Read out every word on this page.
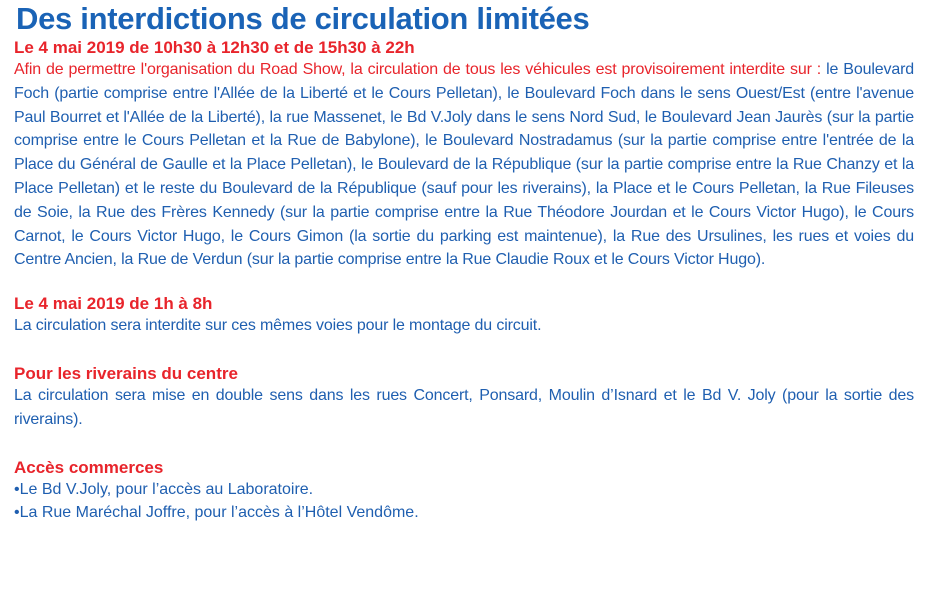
Des interdictions de circulation limitées

Le 4 mai 2019 de 10h30 à 12h30 et de 15h30 à 22h

Afin de permettre l'organisation du Road Show, la circulation de tous les véhicules est provisoirement interdite sur : le Boulevard Foch (partie comprise entre l'Allée de la Liberté et le Cours Pelletan), le Boulevard Foch dans le sens Ouest/Est (entre l'avenue Paul Bourret et l'Allée de la Liberté), la rue Massenet, le Bd V.Joly dans le sens Nord Sud, le Boulevard Jean Jaurès (sur la partie comprise entre le Cours Pelletan et la Rue de Babylone), le Boulevard Nostradamus (sur la partie comprise entre l'entrée de la Place du Général de Gaulle et la Place Pelletan), le Boulevard de la République (sur la partie comprise entre la Rue Chanzy et la Place Pelletan) et le reste du Boulevard de la République (sauf pour les riverains), la Place et le Cours Pelletan, la Rue Fileuses de Soie, la Rue des Frères Kennedy (sur la partie comprise entre la Rue Théodore Jourdan et le Cours Victor Hugo), le Cours Carnot, le Cours Victor Hugo, le Cours Gimon (la sortie du parking est maintenue), la Rue des Ursulines, les rues et voies du Centre Ancien, la Rue de Verdun (sur la partie comprise entre la Rue Claudie Roux et le Cours Victor Hugo).

Le 4 mai 2019 de 1h à 8h

La circulation sera interdite sur ces mêmes voies pour le montage du circuit.

Pour les riverains du centre

La circulation sera mise en double sens dans les rues Concert, Ponsard, Moulin d’Isnard et le Bd V. Joly (pour la sortie des riverains).

Accès commerces

•Le Bd V.Joly, pour l’accès au Laboratoire.

•La Rue Maréchal Joffre, pour l’accès à l’Hôtel Vendôme.
